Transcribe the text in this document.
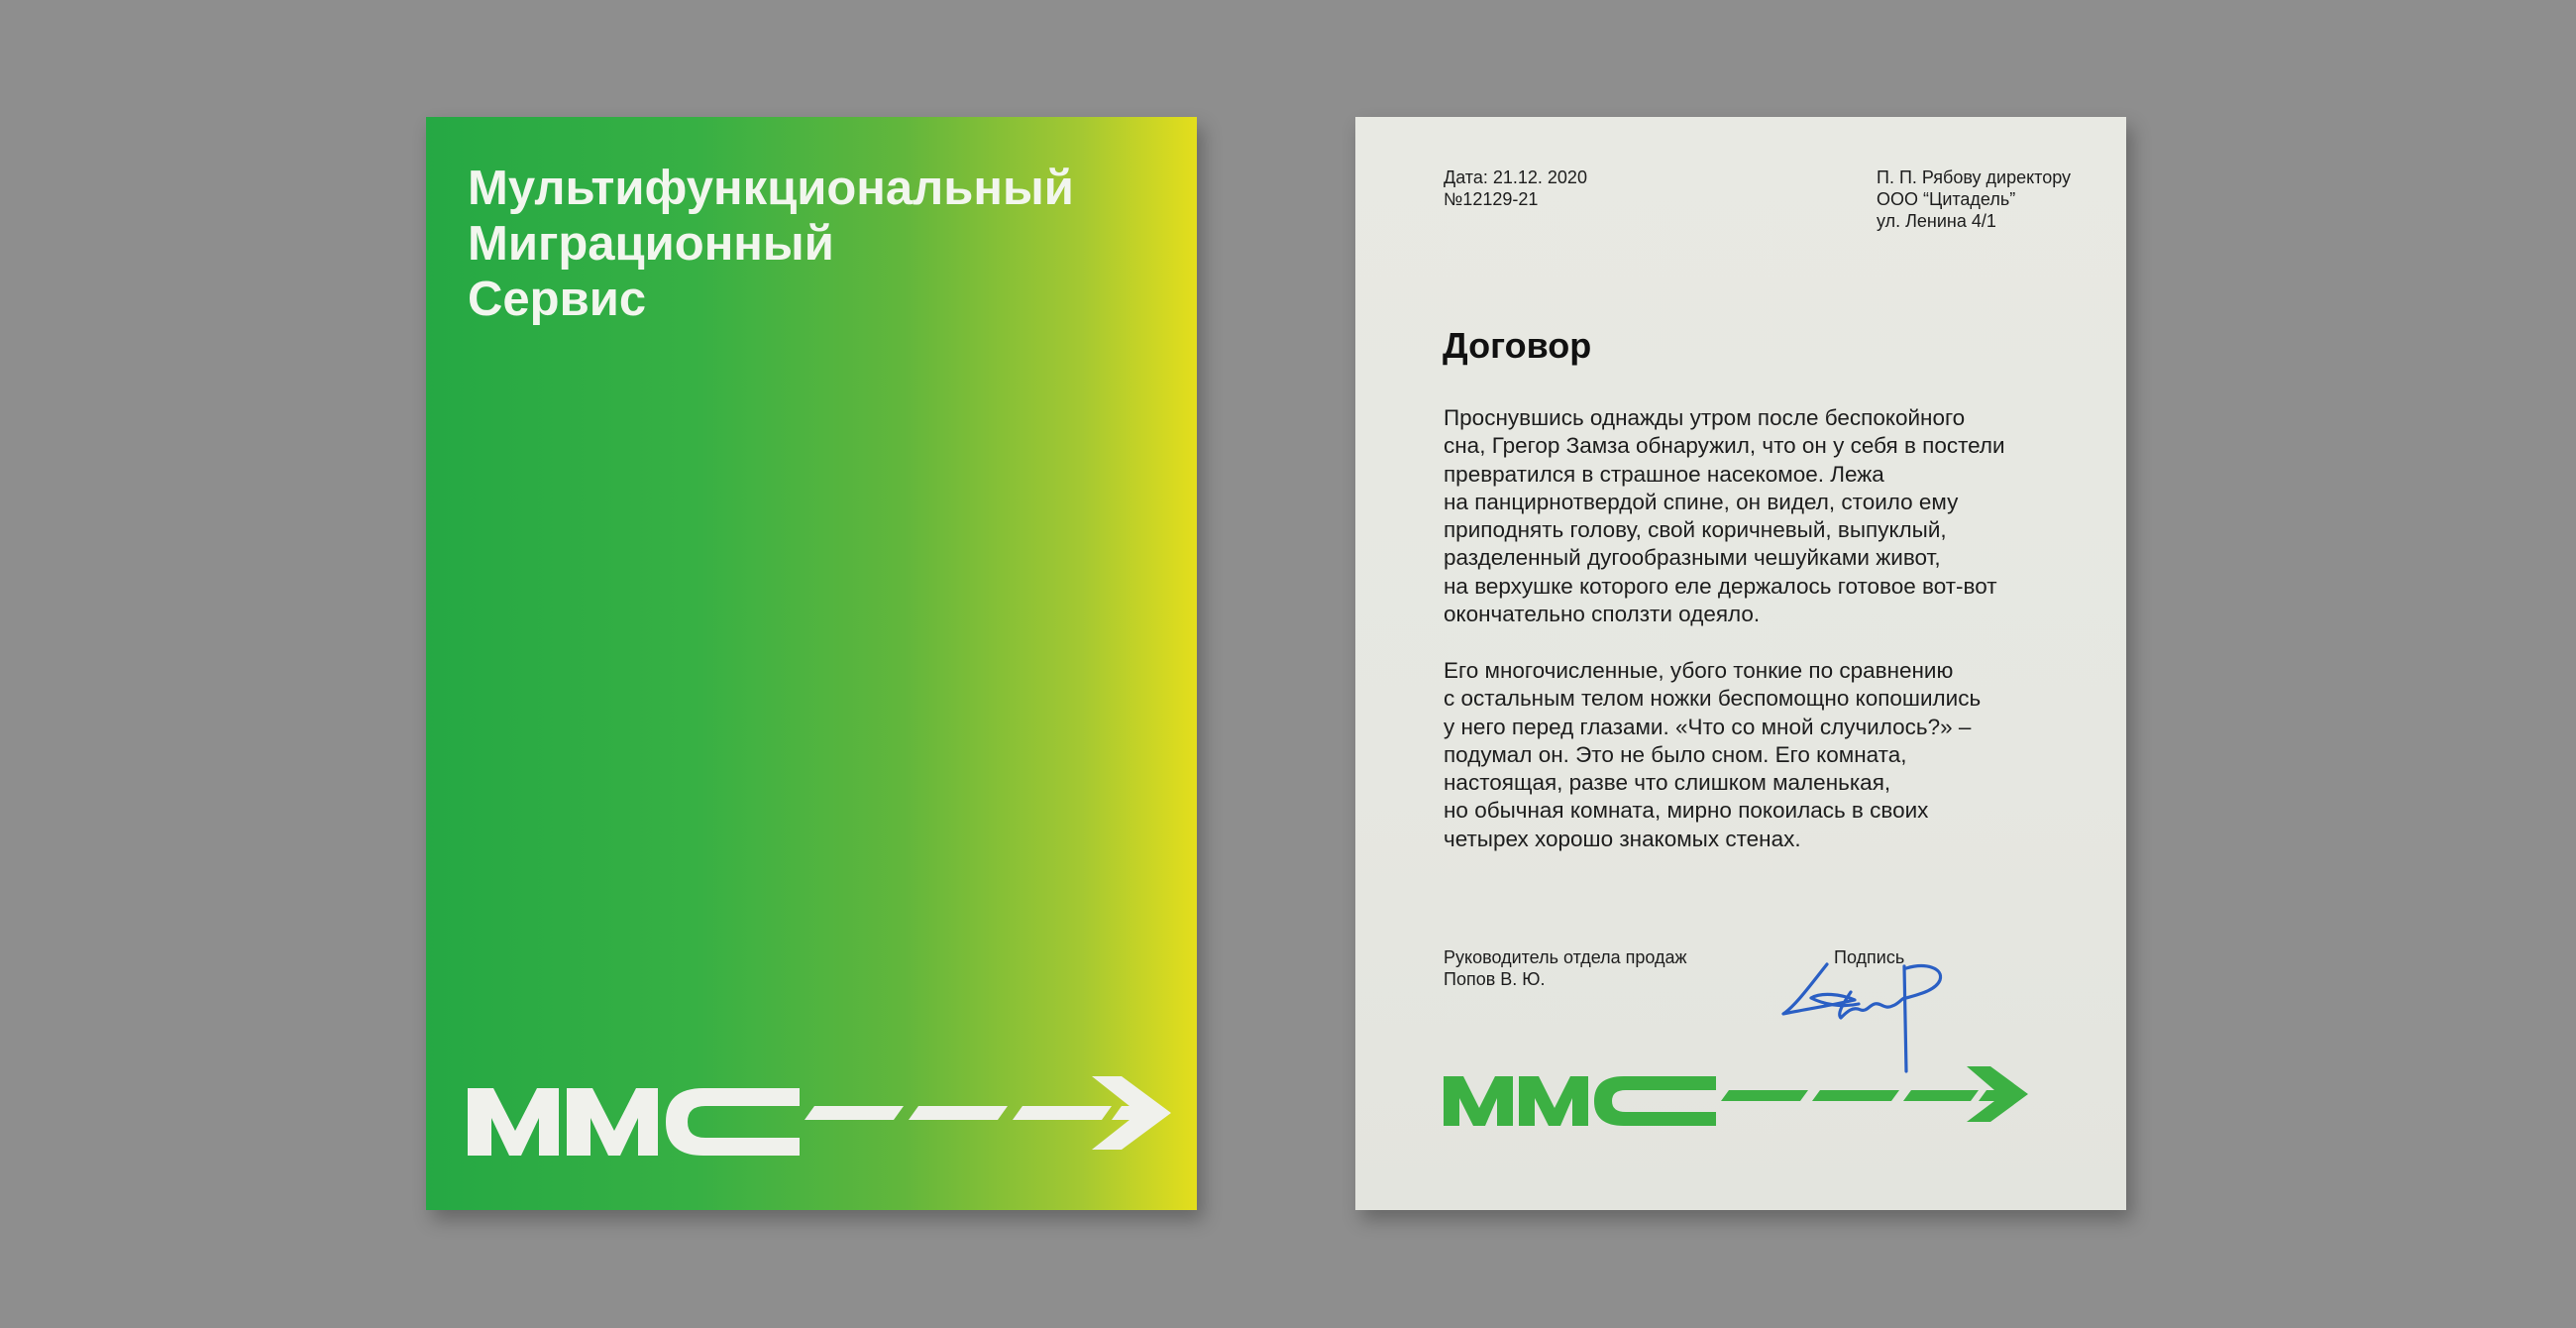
Мультифункциональный
Миграционный
Сервис
Дата: 21.12. 2020
№12129-21
П. П. Рябову директору
ООО “Цитадель”
ул. Ленина 4/1
Договор
Проснувшись однажды утром после беспокойного
сна, Грегор Замза обнаружил, что он у себя в постели
превратился в страшное насекомое. Лежа
на панцирнотвердой спине, он видел, стоило ему
приподнять голову, свой коричневый, выпуклый,
разделенный дугообразными чешуйками живот,
на верхушке которого еле держалось готовое вот-вот
окончательно сползти одеяло.
Его многочисленные, убого тонкие по сравнению
с остальным телом ножки беспомощно копошились
у него перед глазами. «Что со мной случилось?» –
подумал он. Это не было сном. Его комната,
настоящая, разве что слишком маленькая,
но обычная комната, мирно покоилась в своих
четырех хорошо знакомых стенах.
Руководитель отдела продаж
Попов В. Ю.
Подпись
